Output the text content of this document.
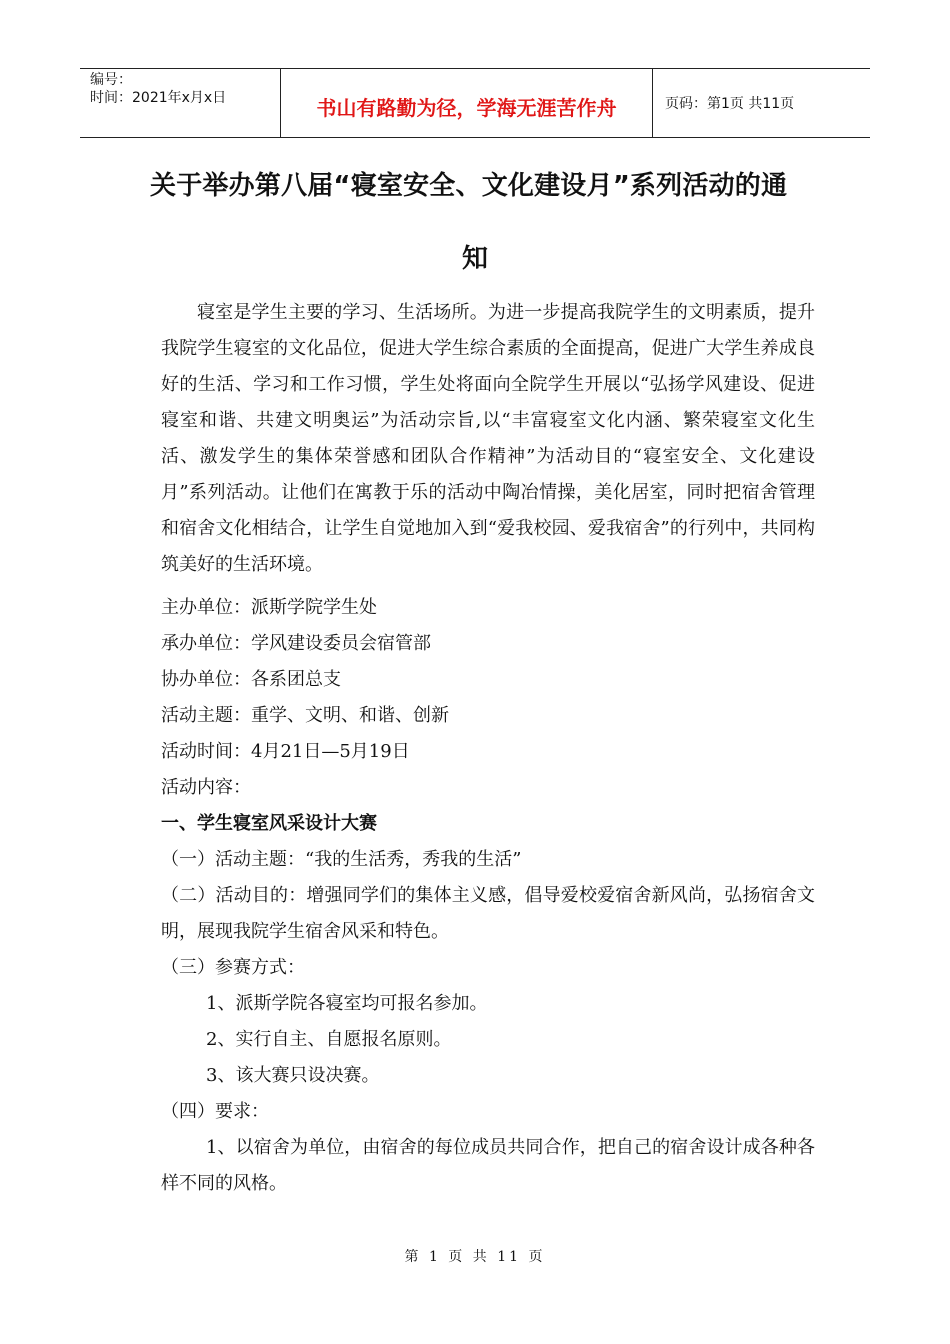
编号：
时间：2021年x月x日	书山有路勤为径，学海无涯苦作舟	页码：第1页 共11页
关于举办第八届“寝室安全、文化建设月”系列活动的通
知
寝室是学生主要的学习、生活场所。为进一步提高我院学生的文明素质，提升我院学生寝室的文化品位，促进大学生综合素质的全面提高，促进广大学生养成良好的生活、学习和工作习惯，学生处将面向全院学生开展以“弘扬学风建设、促进寝室和谐、共建文明奥运”为活动宗旨,以“丰富寝室文化内涵、繁荣寝室文化生活、激发学生的集体荣誉感和团队合作精神”为活动目的“寝室安全、文化建设月”系列活动。让他们在寓教于乐的活动中陶冶情操，美化居室，同时把宿舍管理和宿舍文化相结合，让学生自觉地加入到“爱我校园、爱我宿舍”的行列中，共同构筑美好的生活环境。
主办单位：派斯学院学生处
承办单位：学风建设委员会宿管部
协办单位：各系团总支
活动主题：重学、文明、和谐、创新
活动时间：4月21日—5月19日
活动内容：
一、学生寝室风采设计大赛
（一）活动主题：“我的生活秀，秀我的生活”
（二）活动目的：增强同学们的集体主义感，倡导爱校爱宿舍新风尚，弘扬宿舍文明，展现我院学生宿舍风采和特色。
（三）参赛方式：
1、派斯学院各寝室均可报名参加。
2、实行自主、自愿报名原则。
3、该大赛只设决赛。
（四）要求：
1、以宿舍为单位，由宿舍的每位成员共同合作，把自己的宿舍设计成各种各样不同的风格。
第 1 页 共 11 页
